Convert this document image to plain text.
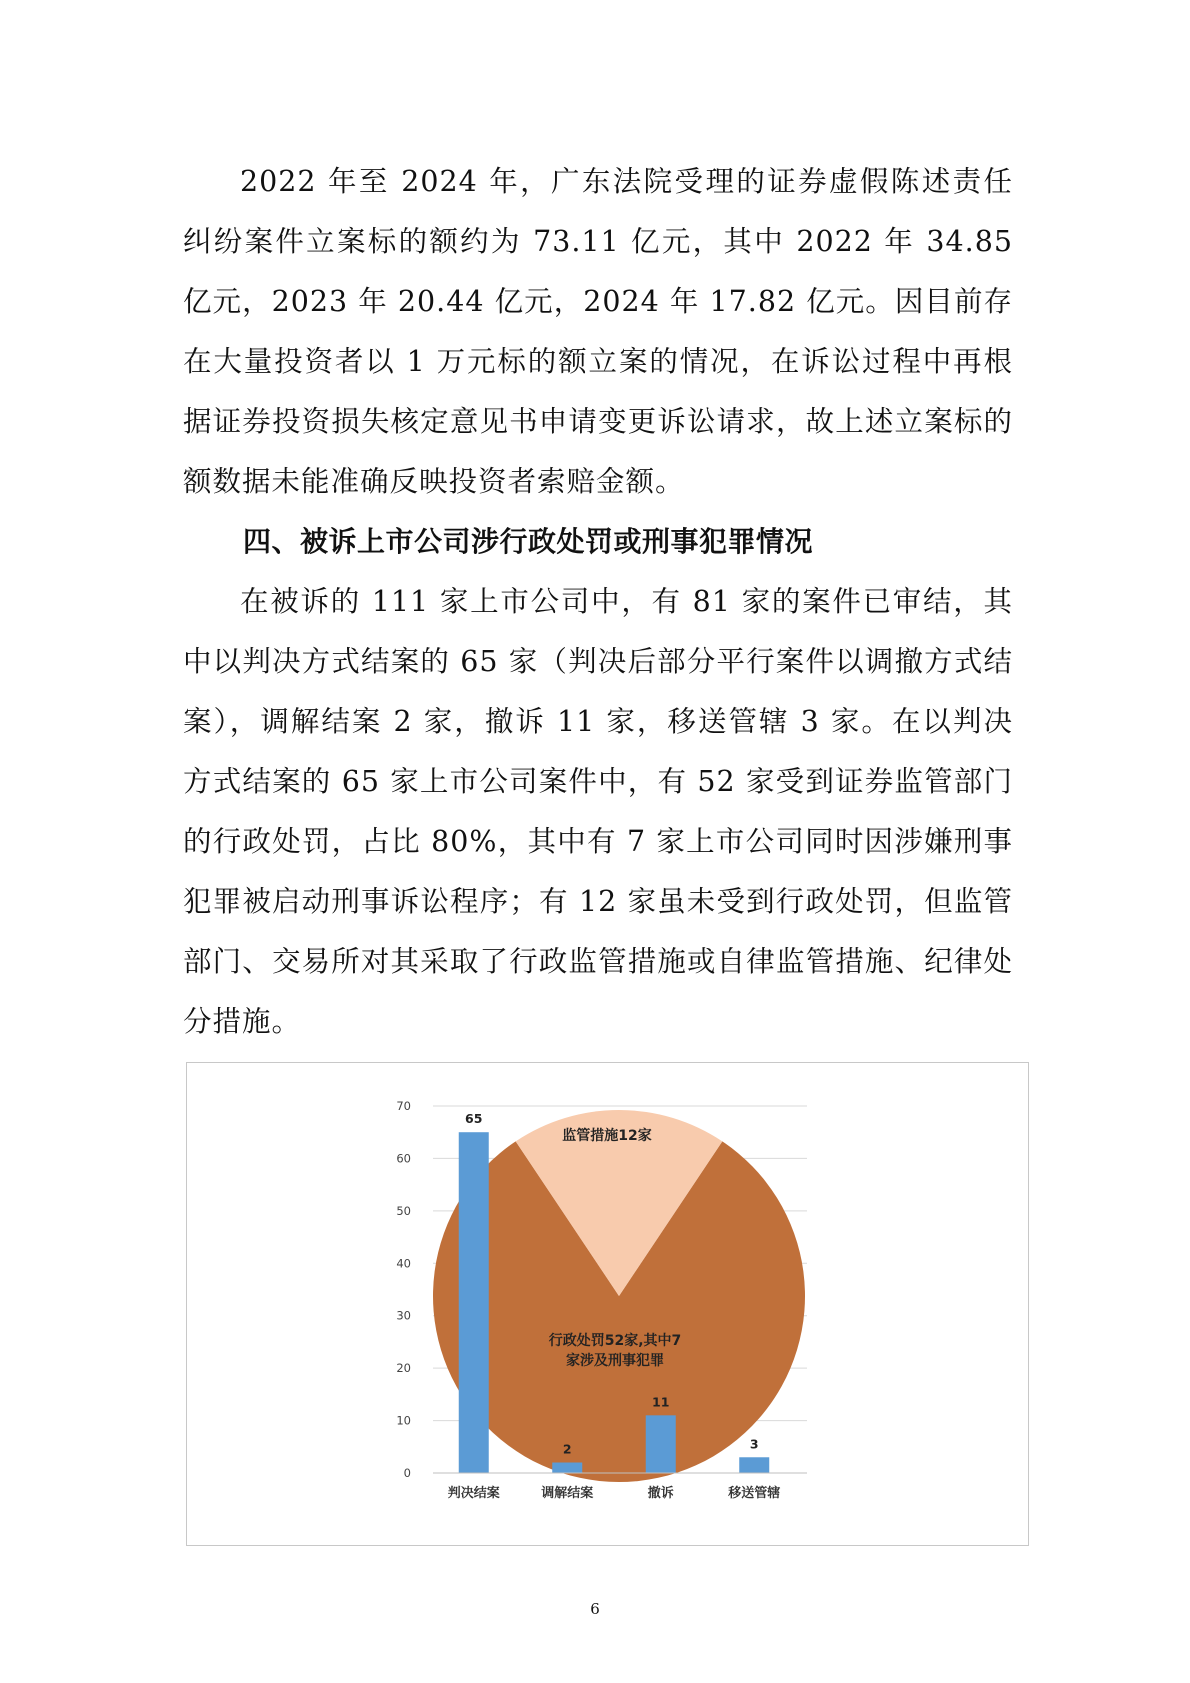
2022 年至 2024 年，广东法院受理的证券虚假陈述责任纠纷案件立案标的额约为 73.11 亿元，其中 2022 年 34.85 亿元，2023 年 20.44 亿元，2024 年 17.82 亿元。因目前存在大量投资者以 1 万元标的额立案的情况，在诉讼过程中再根据证券投资损失核定意见书申请变更诉讼请求，故上述立案标的额数据未能准确反映投资者索赔金额。

四、被诉上市公司涉行政处罚或刑事犯罪情况

在被诉的 111 家上市公司中，有 81 家的案件已审结，其中以判决方式结案的 65 家（判决后部分平行案件以调撤方式结案），调解结案 2 家，撤诉 11 家，移送管辖 3 家。在以判决方式结案的 65 家上市公司案件中，有 52 家受到证券监管部门的行政处罚，占比 80%，其中有 7 家上市公司同时因涉嫌刑事犯罪被启动刑事诉讼程序；有 12 家虽未受到行政处罚，但监管部门、交易所对其采取了行政监管措施或自律监管措施、纪律处分措施。

0
10
20
30
40
50
60
70
监管措施12家
行政处罚52家,其中7
家涉及刑事犯罪
65
判决结案
2
调解结案
11
撤诉
3
移送管辖
6
